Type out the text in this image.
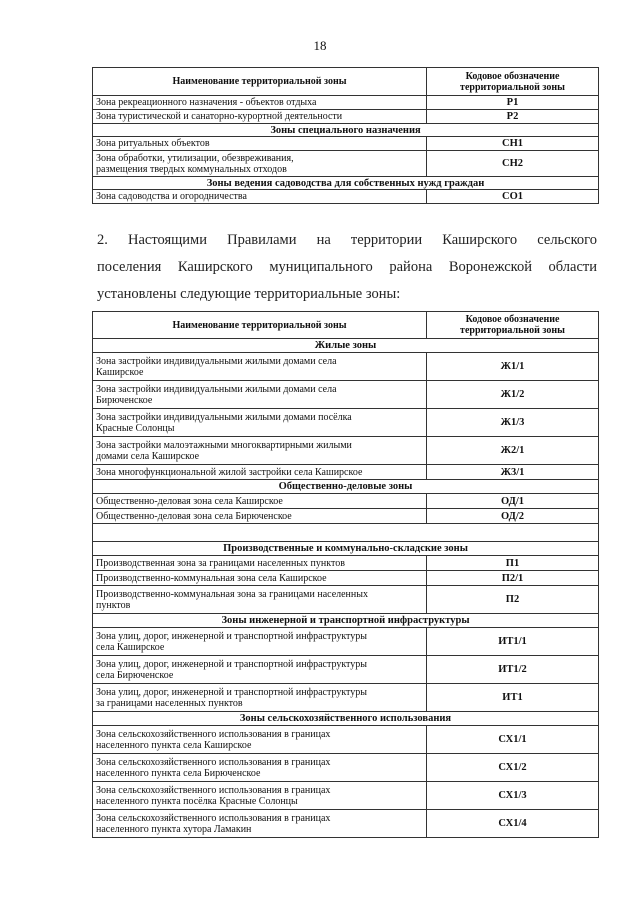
18
Наименование территориальной зоны	Кодовое обозначение
территориальной зоны

Зона рекреационного назначения - объектов отдыха	Р1

Зона туристической и санаторно-курортной деятельности	Р2
Зоны специального назначения	

Зона ритуальных объектов	СН1

Зона обработки, утилизации, обезвреживания,
размещения твердых коммунальных отходов	СН2
Зоны ведения садоводства для собственных нужд граждан	

Зона садоводства и огородничества	СО1
2. Настоящими Правилами на территории Каширского сельского
поселения Каширского муниципального района Воронежской области
установлены следующие территориальные зоны:
Наименование территориальной зоны	Кодовое обозначение
территориальной зоны

Жилые зоны	

Зона застройки индивидуальными жилыми домами села
Каширское	Ж1/1

Зона застройки индивидуальными жилыми домами села
Бирюченское	Ж1/2

Зона застройки индивидуальными жилыми домами посёлка
Красные Солонцы	Ж1/3

Зона застройки малоэтажными многоквартирными жилыми
домами села Каширское	Ж2/1

Зона многофункциональной жилой застройки села Каширское	Ж3/1
Общественно-деловые зоны	

Общественно-деловая зона села Каширское	ОД/1

Общественно-деловая зона села Бирюченское	ОД/2

Производственные и коммунально-складские зоны	

Производственная зона за границами населенных пунктов	П1

Производственно-коммунальная зона села Каширское	П2/1

Производственно-коммунальная зона за границами населенных
пунктов	П2
Зоны инженерной и транспортной инфраструктуры	

Зона улиц, дорог, инженерной и транспортной инфраструктуры
села Каширское	ИТ1/1

Зона улиц, дорог, инженерной и транспортной инфраструктуры
села Бирюченское	ИТ1/2

Зона улиц, дорог, инженерной и транспортной инфраструктуры
за границами населенных пунктов	ИТ1
Зоны сельскохозяйственного использования	

Зона сельскохозяйственного использования в границах
населенного пункта села Каширское	СХ1/1

Зона сельскохозяйственного использования в границах
населенного пункта села Бирюченское	СХ1/2

Зона сельскохозяйственного использования в границах
населенного пункта посёлка Красные Солонцы	СХ1/3

Зона сельскохозяйственного использования в границах
населенного пункта хутора Ламакин	СХ1/4
